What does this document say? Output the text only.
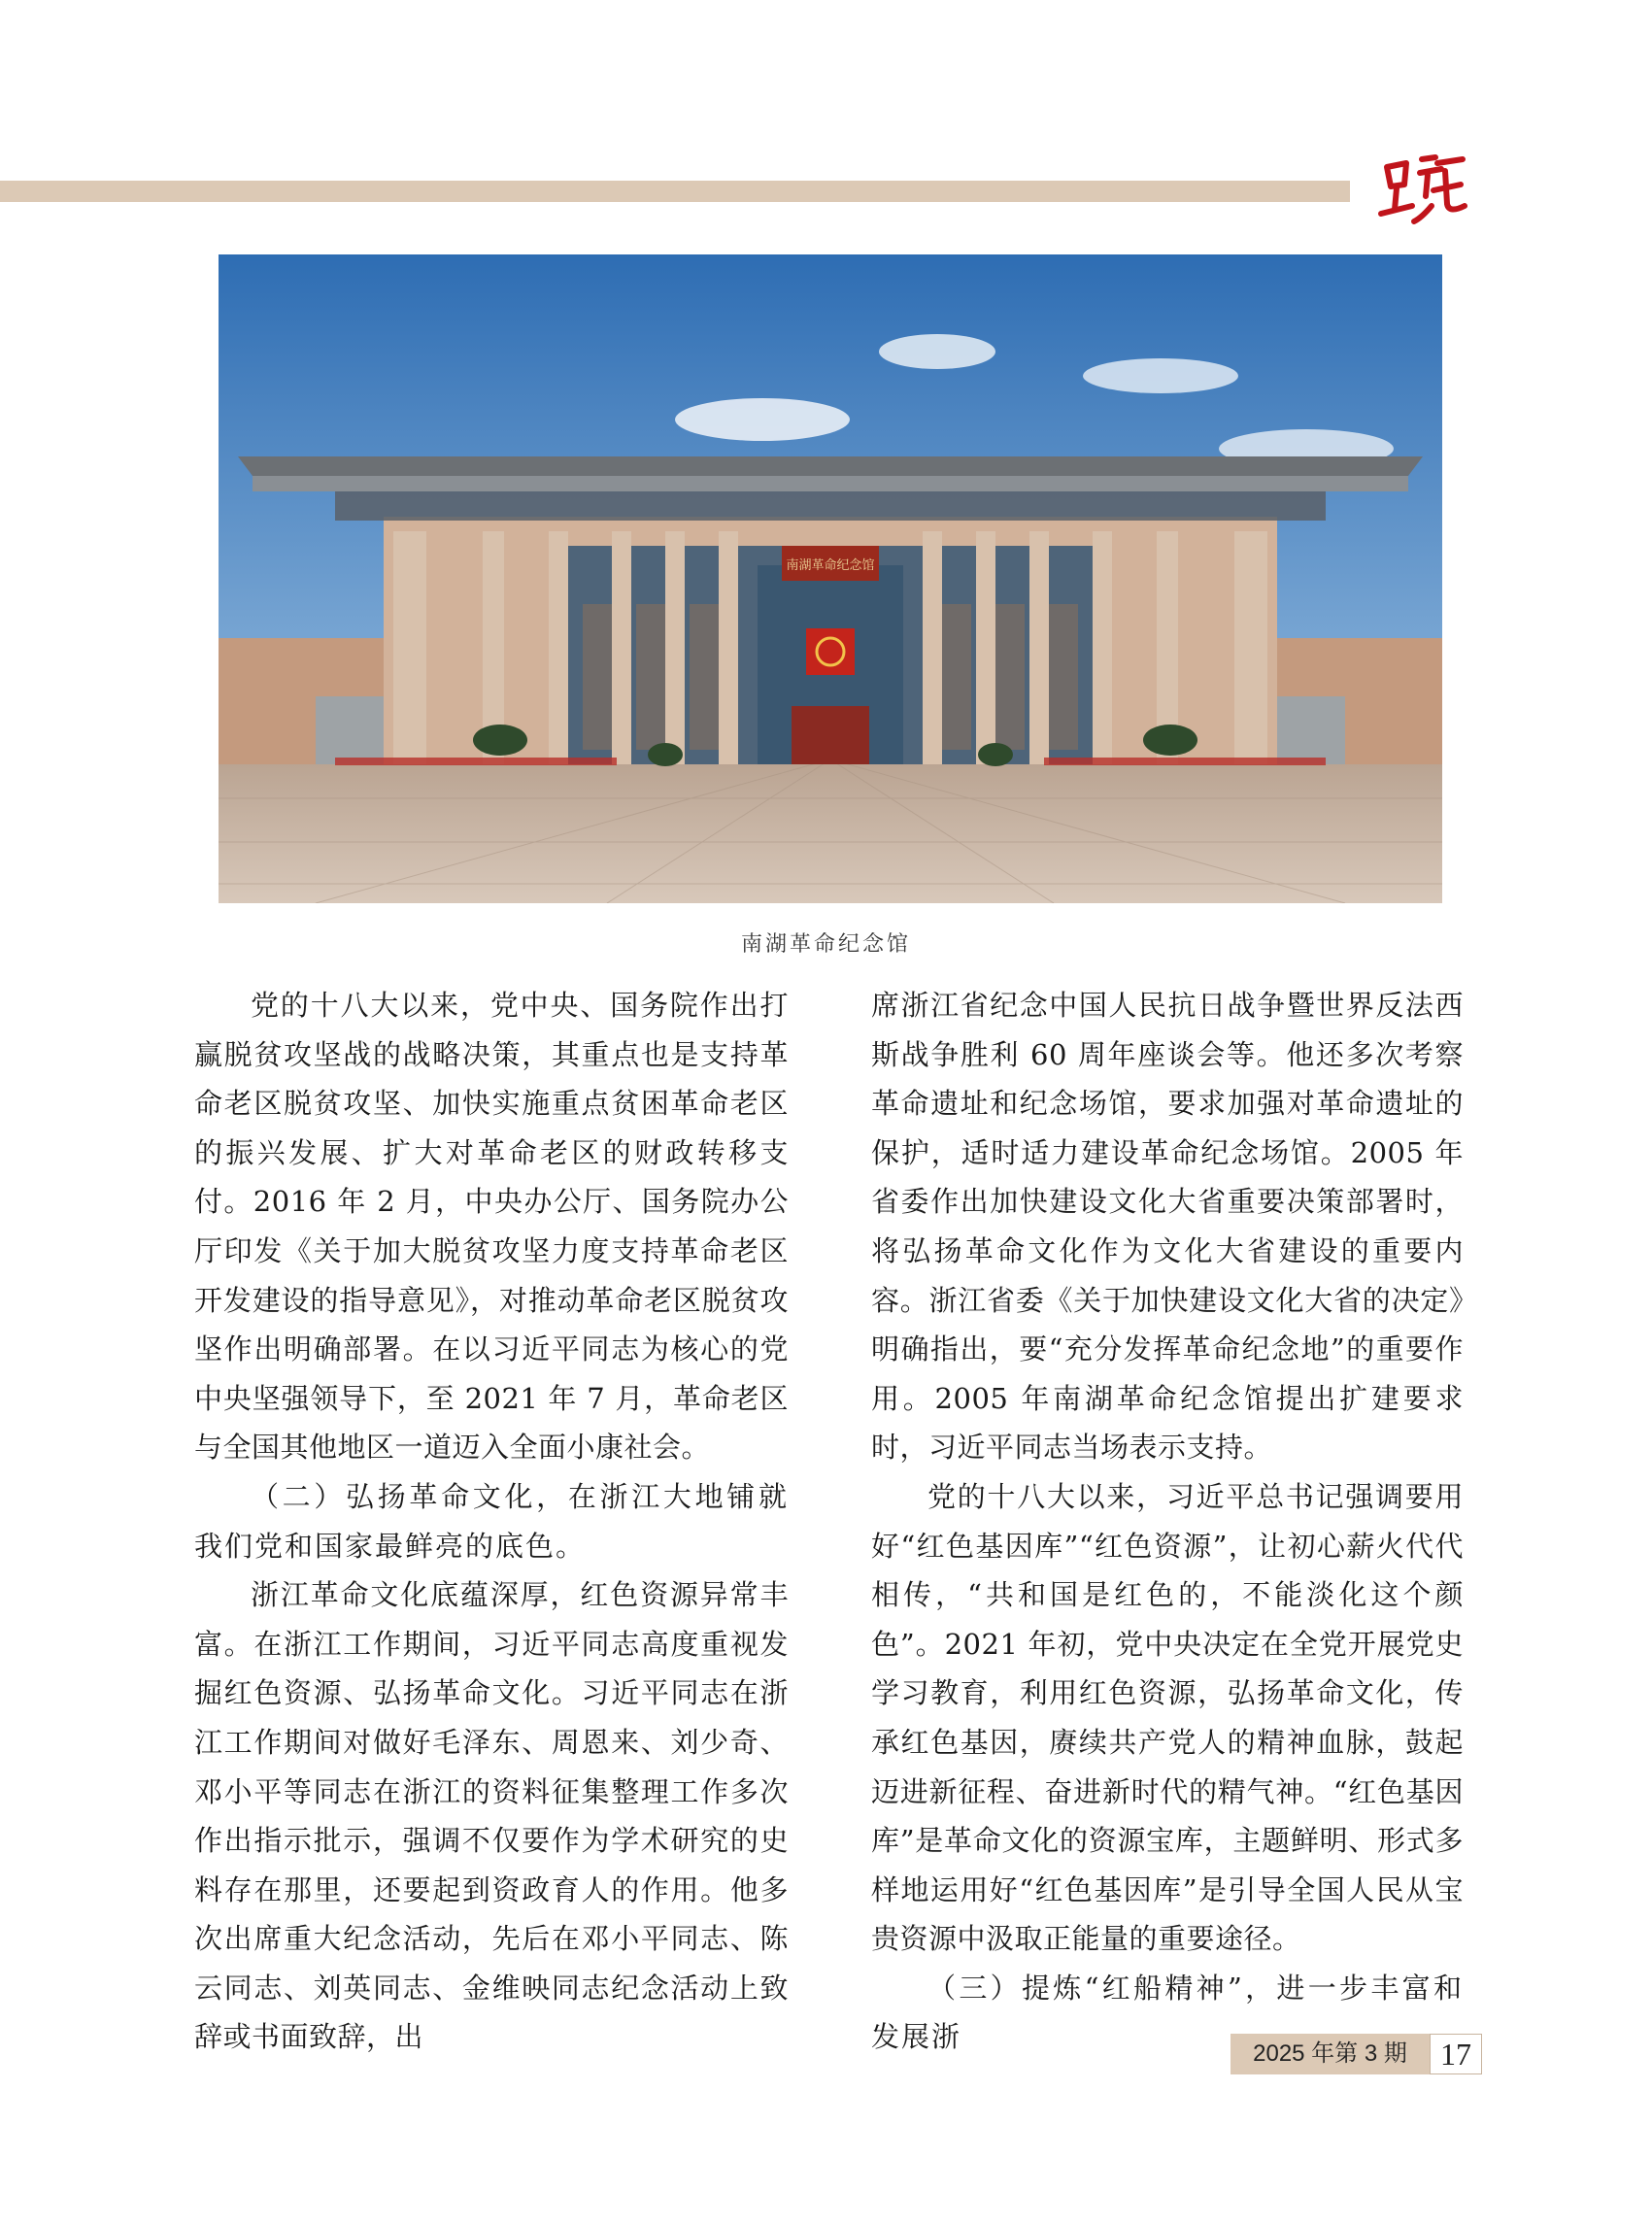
南湖革命纪念馆
南湖革命纪念馆

党的十八大以来，党中央、国务院作出打赢脱贫攻坚战的战略决策，其重点也是支持革命老区脱贫攻坚、加快实施重点贫困革命老区的振兴发展、扩大对革命老区的财政转移支付。2016 年 2 月，中央办公厅、国务院办公厅印发《关于加大脱贫攻坚力度支持革命老区开发建设的指导意见》，对推动革命老区脱贫攻坚作出明确部署。在以习近平同志为核心的党中央坚强领导下，至 2021 年 7 月，革命老区与全国其他地区一道迈入全面小康社会。

（二）弘扬革命文化，在浙江大地铺就我们党和国家最鲜亮的底色。

浙江革命文化底蕴深厚，红色资源异常丰富。在浙江工作期间，习近平同志高度重视发掘红色资源、弘扬革命文化。习近平同志在浙江工作期间对做好毛泽东、周恩来、刘少奇、邓小平等同志在浙江的资料征集整理工作多次作出指示批示，强调不仅要作为学术研究的史料存在那里，还要起到资政育人的作用。他多次出席重大纪念活动，先后在邓小平同志、陈云同志、刘英同志、金维映同志纪念活动上致辞或书面致辞，出

席浙江省纪念中国人民抗日战争暨世界反法西斯战争胜利 60 周年座谈会等。他还多次考察革命遗址和纪念场馆，要求加强对革命遗址的保护，适时适力建设革命纪念场馆。2005 年省委作出加快建设文化大省重要决策部署时，将弘扬革命文化作为文化大省建设的重要内容。浙江省委《关于加快建设文化大省的决定》明确指出，要“充分发挥革命纪念地”的重要作用。2005 年南湖革命纪念馆提出扩建要求时，习近平同志当场表示支持。

党的十八大以来，习近平总书记强调要用好“红色基因库”“红色资源”，让初心薪火代代相传，“共和国是红色的，不能淡化这个颜色”。2021 年初，党中央决定在全党开展党史学习教育，利用红色资源，弘扬革命文化，传承红色基因，赓续共产党人的精神血脉，鼓起迈进新征程、奋进新时代的精气神。“红色基因库”是革命文化的资源宝库，主题鲜明、形式多样地运用好“红色基因库”是引导全国人民从宝贵资源中汲取正能量的重要途径。

（三）提炼“红船精神”，进一步丰富和发展浙

2025 年第 3 期	17
